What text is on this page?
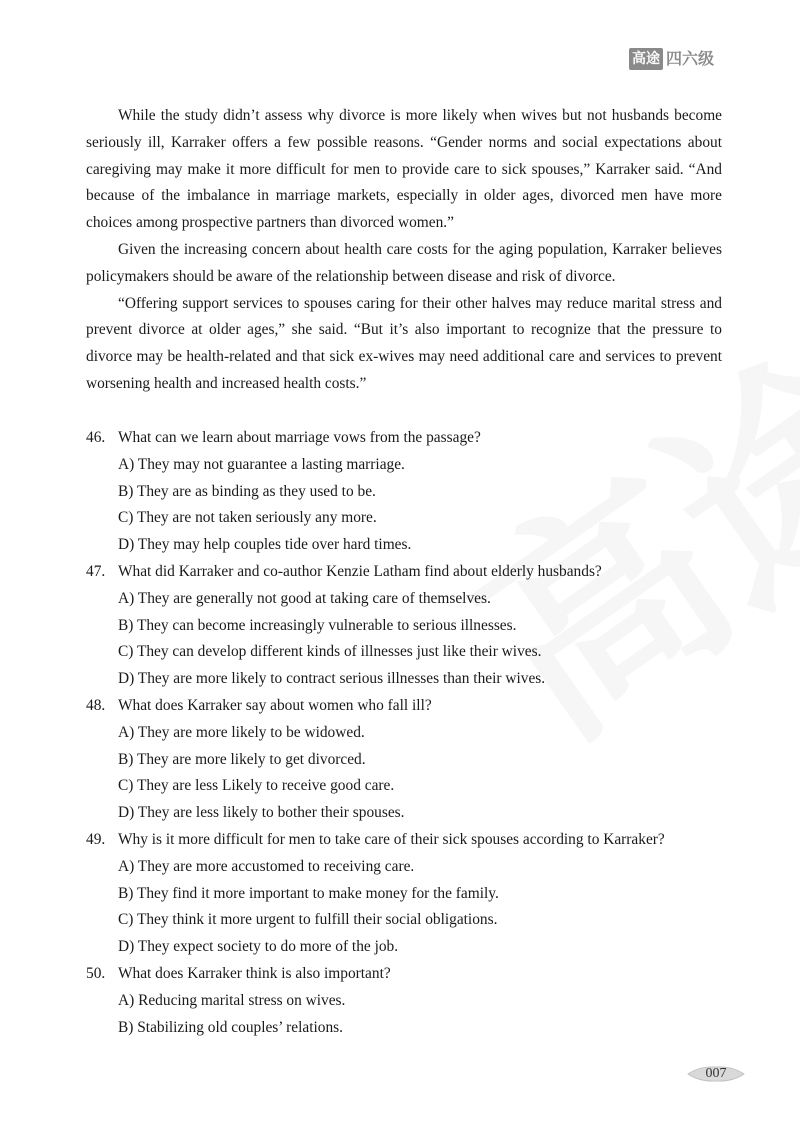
高途 四六级

While the study didn’t assess why divorce is more likely when wives but not husbands become seriously ill, Karraker offers a few possible reasons. “Gender norms and social expectations about caregiving may make it more difficult for men to provide care to sick spouses,” Karraker said. “And because of the imbalance in marriage markets, especially in older ages, divorced men have more choices among prospective partners than divorced women.”

Given the increasing concern about health care costs for the aging population, Karraker believes policymakers should be aware of the relationship between disease and risk of divorce.

“Offering support services to spouses caring for their other halves may reduce marital stress and prevent divorce at older ages,” she said. “But it’s also important to recognize that the pressure to divorce may be health-related and that sick ex-wives may need additional care and services to prevent worsening health and increased health costs.”

46. What can we learn about marriage vows from the passage?
A) They may not guarantee a lasting marriage.
B) They are as binding as they used to be.
C) They are not taken seriously any more.
D) They may help couples tide over hard times.
47. What did Karraker and co-author Kenzie Latham find about elderly husbands?
A) They are generally not good at taking care of themselves.
B) They can become increasingly vulnerable to serious illnesses.
C) They can develop different kinds of illnesses just like their wives.
D) They are more likely to contract serious illnesses than their wives.
48. What does Karraker say about women who fall ill?
A) They are more likely to be widowed.
B) They are more likely to get divorced.
C) They are less Likely to receive good care.
D) They are less likely to bother their spouses.
49. Why is it more difficult for men to take care of their sick spouses according to Karraker?
A) They are more accustomed to receiving care.
B) They find it more important to make money for the family.
C) They think it more urgent to fulfill their social obligations.
D) They expect society to do more of the job.
50. What does Karraker think is also important?
A) Reducing marital stress on wives.
B) Stabilizing old couples’ relations.
007
